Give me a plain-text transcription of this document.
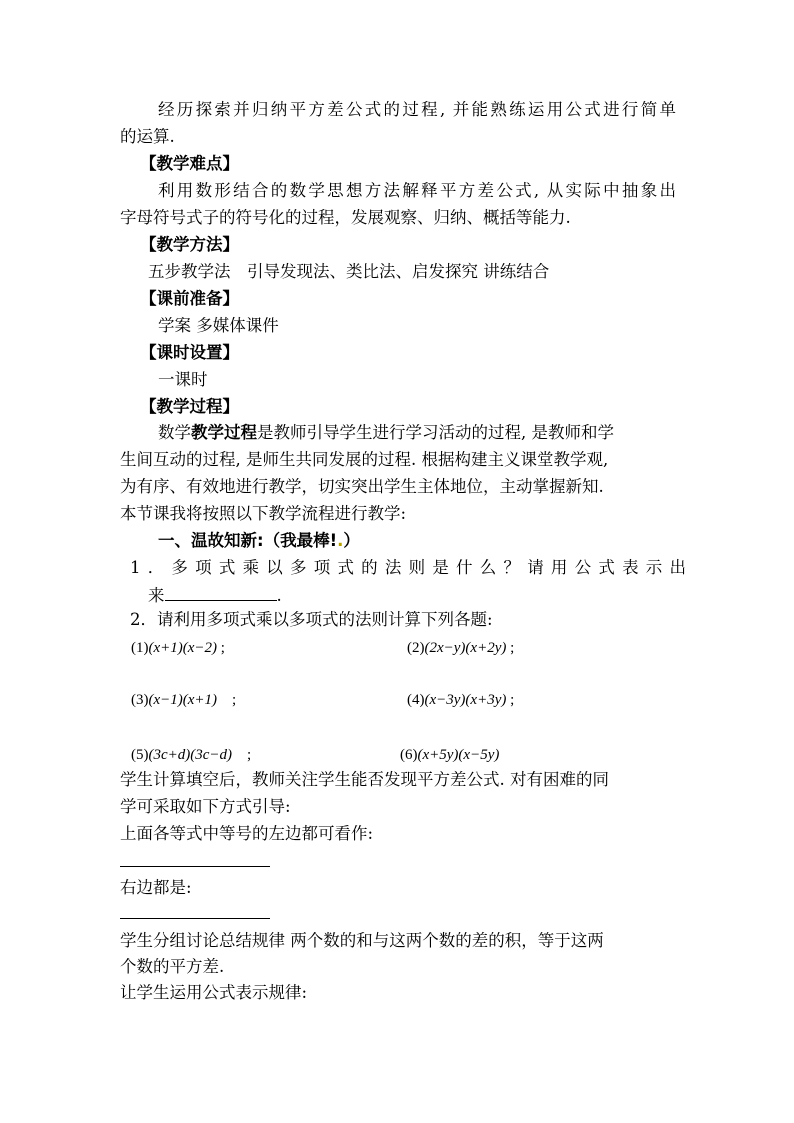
经历探索并归纳平方差公式的过程, 并能熟练运用公式进行简单
的运算.
【教学难点】
利用数形结合的数学思想方法解释平方差公式, 从实际中抽象出
字母符号式子的符号化的过程，发展观察、归纳、概括等能力.
【教学方法】
五步教学法　引导发现法、类比法、启发探究 讲练结合
【课前准备】
学案 多媒体课件
【课时设置】
一课时
【教学过程】
数学教学过程是教师引导学生进行学习活动的过程, 是教师和学
生间互动的过程, 是师生共同发展的过程. 根据构建主义课堂教学观,
为有序、有效地进行教学，切实突出学生主体地位，主动掌握新知.
本节课我将按照以下教学流程进行教学:
一、温故知新:（我最棒!.）
1．多项式乘以多项式的法则是什么？请用公式表示出
来	.
2．请利用多项式乘以多项式的法则计算下列各题:
(1)(x+1)(x−2) ;	(2)(2x−y)(x+2y) ;
(3)(x−1)(x+1)　;	(4)(x−3y)(x+3y) ;
(5)(3c+d)(3c−d)　;	(6)(x+5y)(x−5y)
学生计算填空后，教师关注学生能否发现平方差公式. 对有困难的同
学可采取如下方式引导:
上面各等式中等号的左边都可看作:
右边都是:
学生分组讨论总结规律 两个数的和与这两个数的差的积，等于这两
个数的平方差.
让学生运用公式表示规律:
